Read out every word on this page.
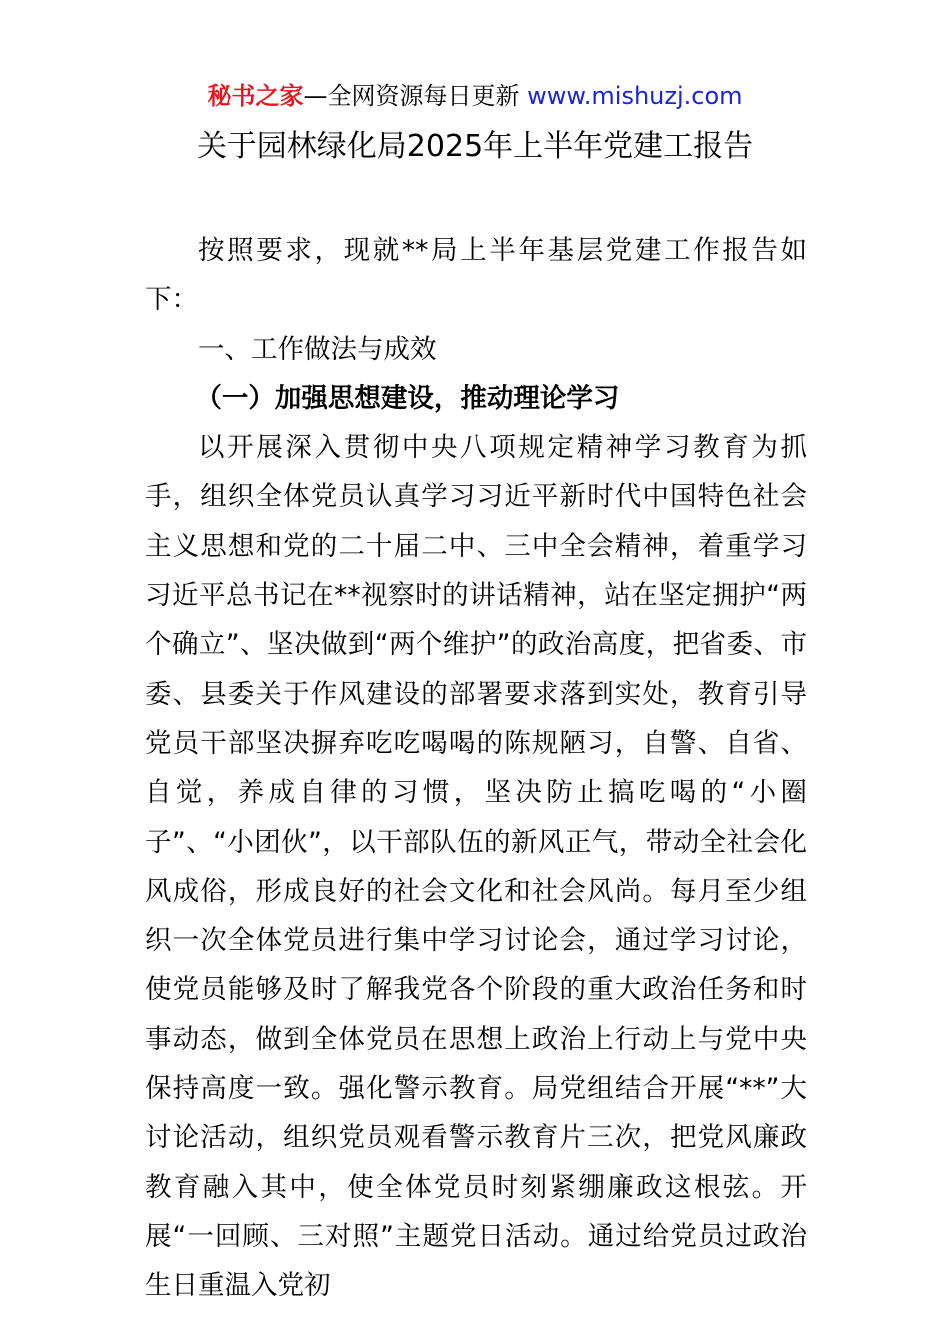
秘书之家—全网资源每日更新 www.mishuzj.com
关于园林绿化局2025年上半年党建工报告

按照要求，现就**局上半年基层党建工作报告如下：

一、工作做法与成效

（一）加强思想建设，推动理论学习

以开展深入贯彻中央八项规定精神学习教育为抓手，组织全体党员认真学习习近平新时代中国特色社会主义思想和党的二十届二中、三中全会精神，着重学习习近平总书记在**视察时的讲话精神，站在坚定拥护“两个确立”、坚决做到“两个维护”的政治高度，把省委、市委、县委关于作风建设的部署要求落到实处，教育引导党员干部坚决摒弃吃吃喝喝的陈规陋习，自警、自省、自觉，养成自律的习惯，坚决防止搞吃喝的“小圈子”、“小团伙”，以干部队伍的新风正气，带动全社会化风成俗，形成良好的社会文化和社会风尚。每月至少组织一次全体党员进行集中学习讨论会，通过学习讨论，使党员能够及时了解我党各个阶段的重大政治任务和时事动态，做到全体党员在思想上政治上行动上与党中央保持高度一致。强化警示教育。局党组结合开展“**”大讨论活动，组织党员观看警示教育片三次，把党风廉政教育融入其中，使全体党员时刻紧绷廉政这根弦。开展“一回顾、三对照”主题党日活动。通过给党员过政治生日重温入党初
